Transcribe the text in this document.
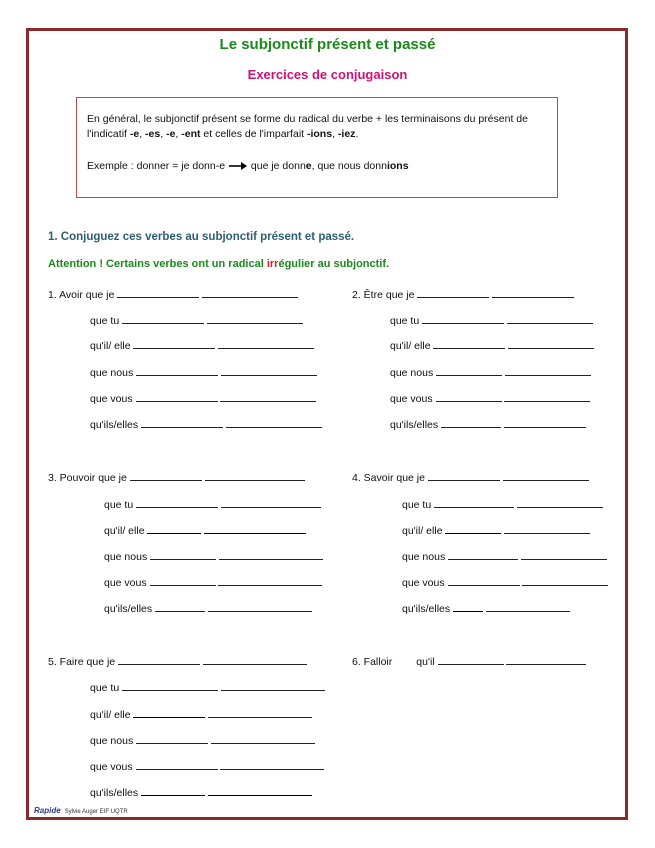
Le subjonctif présent et passé
Exercices de conjugaison
En général, le subjonctif présent se forme du radical du verbe + les terminaisons du présent de l'indicatif -e, -es, -e, -ent et celles de l'imparfait -ions, -iez.
Exemple : donner = je donn-e  que je donne, que nous donnions
1. Conjuguez ces verbes au subjonctif présent et passé.
Attention ! Certains verbes ont un radical irrégulier au subjonctif.
1. Avoir que je
que tu
qu'il/ elle
que nous
que vous
qu'ils/elles
2. Être que je
que tu
qu'il/ elle
que nous
que vous
qu'ils/elles
3. Pouvoir que je
que tu
qu'il/ elle
que nous
que vous
qu'ils/elles
4. Savoir que je
que tu
qu'il/ elle
que nous
que vous
qu'ils/elles
5. Faire que je
que tu
qu'il/ elle
que nous
que vous
qu'ils/elles
6. Falloir qu'il
Rapide Sylvie Auger EIF UQTR
